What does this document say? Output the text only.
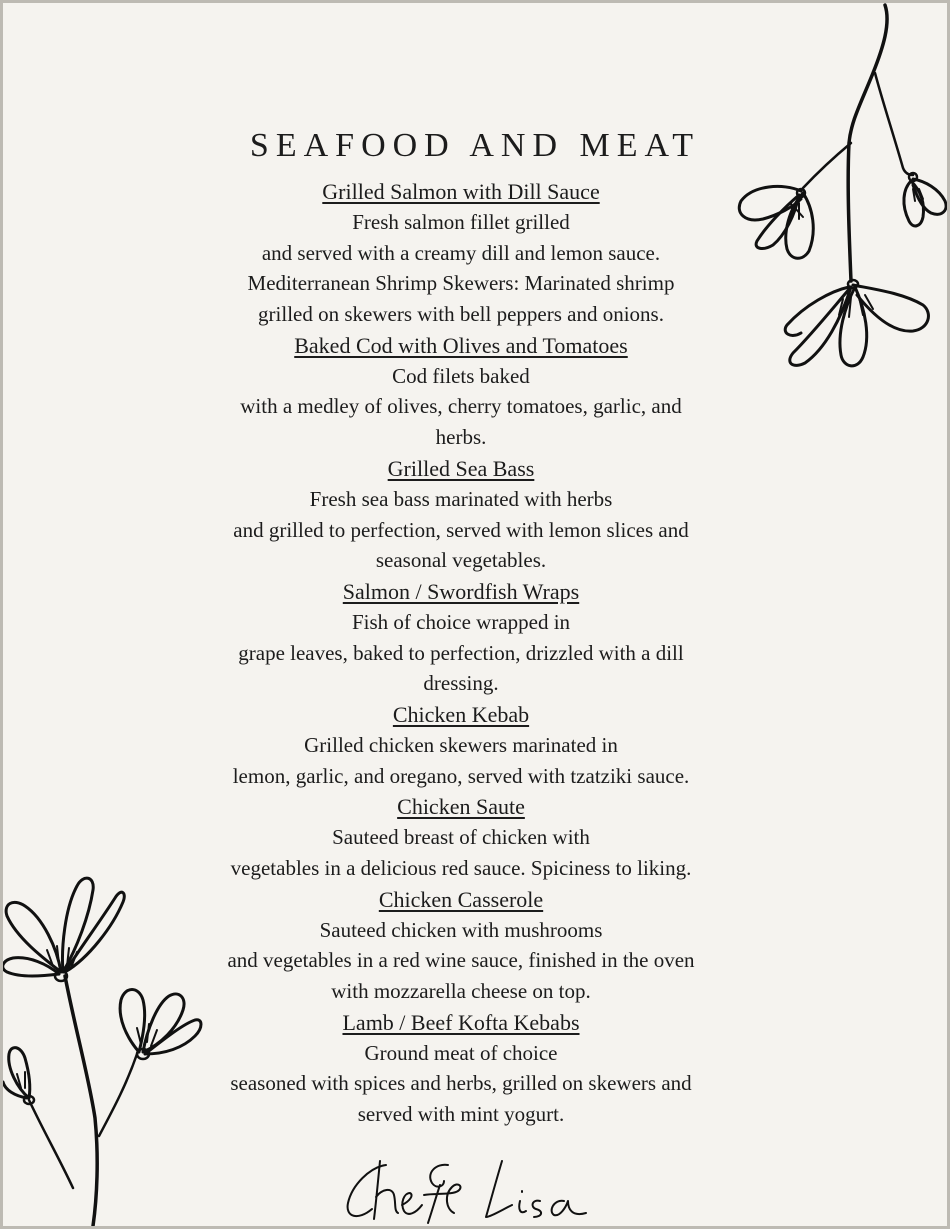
SEAFOOD AND MEAT
Grilled Salmon with Dill Sauce
Fresh salmon fillet grilled
and served with a creamy dill and lemon sauce.
Mediterranean Shrimp Skewers: Marinated shrimp
grilled on skewers with bell peppers and onions.
Baked Cod with Olives and Tomatoes
Cod filets baked
with a medley of olives, cherry tomatoes, garlic, and
herbs.
Grilled Sea Bass
Fresh sea bass marinated with herbs
and grilled to perfection, served with lemon slices and
seasonal vegetables.
Salmon / Swordfish Wraps
Fish of choice wrapped in
grape leaves, baked to perfection, drizzled with a dill
dressing.
Chicken Kebab
Grilled chicken skewers marinated in
lemon, garlic, and oregano, served with tzatziki sauce.
Chicken Saute
Sauteed breast of chicken with
vegetables in a delicious red sauce. Spiciness to liking.
Chicken Casserole
Sauteed chicken with mushrooms
and vegetables in a red wine sauce, finished in the oven
with mozzarella cheese on top.
Lamb / Beef Kofta Kebabs
Ground meat of choice
seasoned with spices and herbs, grilled on skewers and
served with mint yogurt.
